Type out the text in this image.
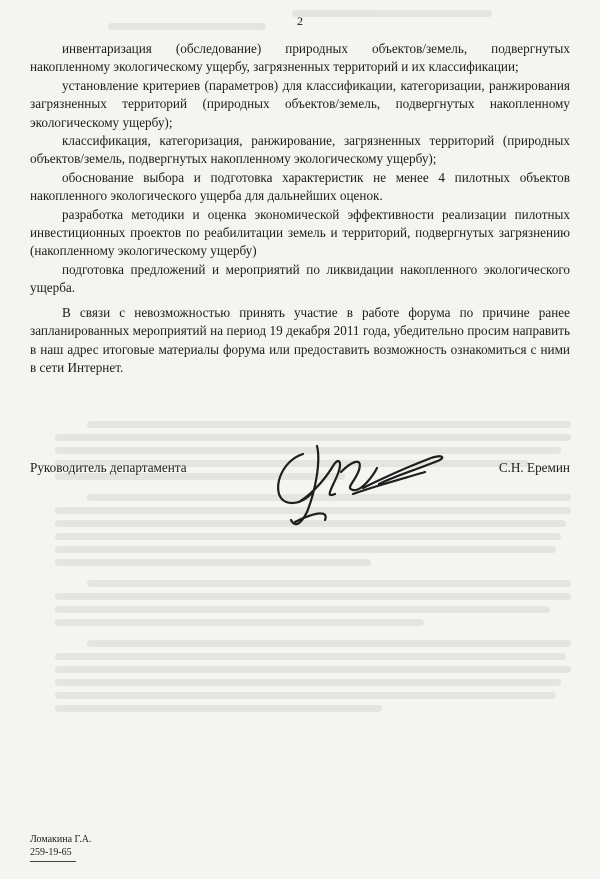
2

инвентаризация (обследование) природных объектов/земель, подвергнутых накопленному экологическому ущербу, загрязненных территорий и их классификации;

установление критериев (параметров) для классификации, категоризации, ранжирования загрязненных территорий (природных объектов/земель, подвергнутых накопленному экологическому ущербу);

классификация, категоризация, ранжирование, загрязненных территорий (природных объектов/земель, подвергнутых накопленному экологическому ущербу);

обоснование выбора и подготовка характеристик не менее 4 пилотных объектов накопленного экологического ущерба для дальнейших оценок.

разработка методики и оценка экономической эффективности реализации пилотных инвестиционных проектов по реабилитации земель и территорий, подвергнутых загрязнению (накопленному экологическому ущербу)

подготовка предложений и мероприятий по ликвидации накопленного экологического ущерба.

В связи с невозможностью принять участие в работе форума по причине ранее запланированных мероприятий на период 19 декабря 2011 года, убедительно просим направить в наш адрес итоговые материалы форума или предоставить возможность ознакомиться с ними в сети Интернет.

Руководитель департамента	С.Н. Еремин
Ломакина Г.А.
259-19-65
